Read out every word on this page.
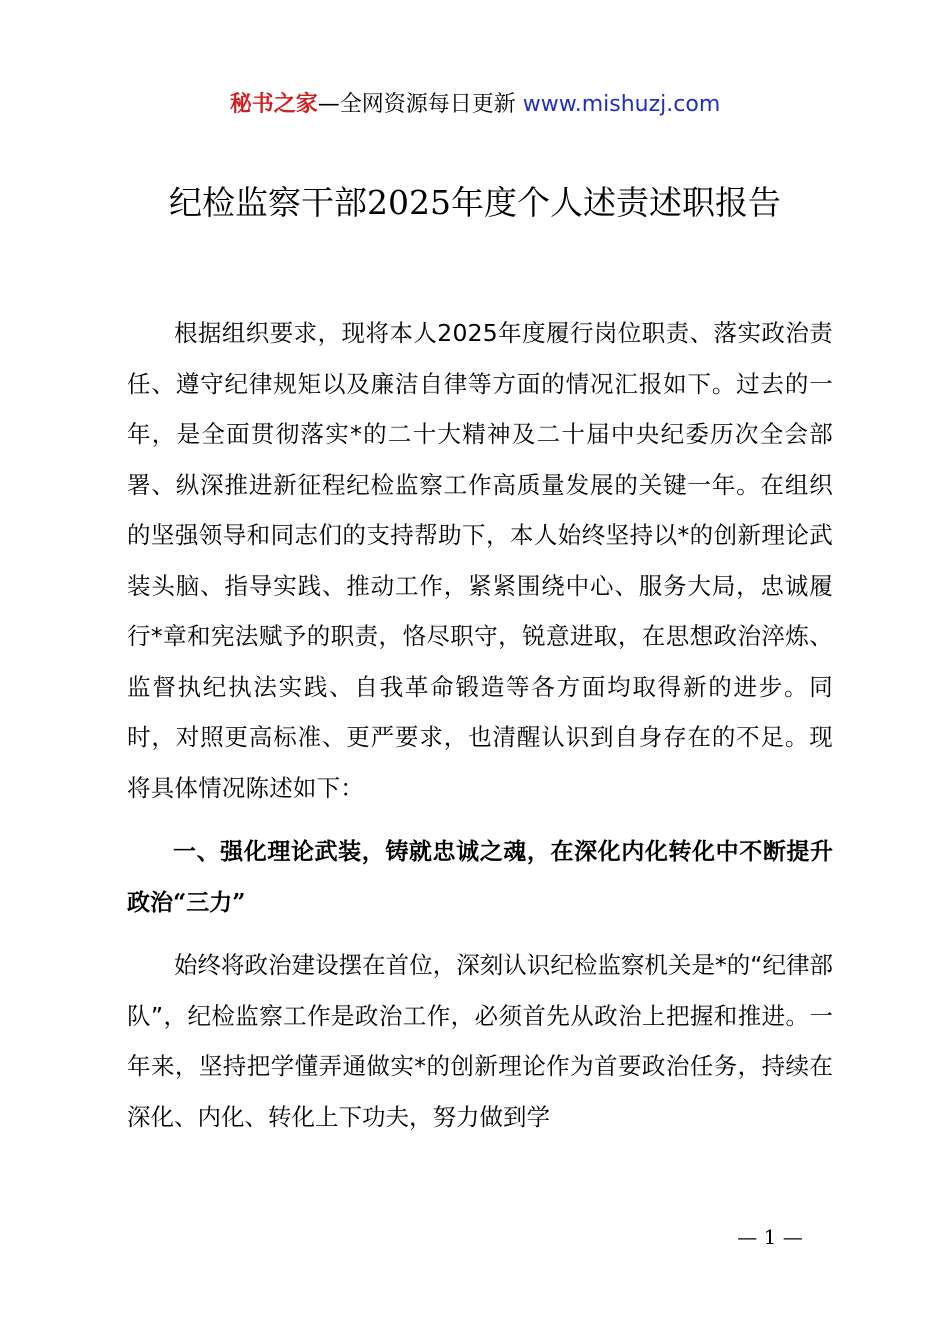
秘书之家—全网资源每日更新 www.mishuzj.com
纪检监察干部2025年度个人述责述职报告

根据组织要求，现将本人2025年度履行岗位职责、落实政治责任、遵守纪律规矩以及廉洁自律等方面的情况汇报如下。过去的一年，是全面贯彻落实*的二十大精神及二十届中央纪委历次全会部署、纵深推进新征程纪检监察工作高质量发展的关键一年。在组织的坚强领导和同志们的支持帮助下，本人始终坚持以*的创新理论武装头脑、指导实践、推动工作，紧紧围绕中心、服务大局，忠诚履行*章和宪法赋予的职责，恪尽职守，锐意进取，在思想政治淬炼、监督执纪执法实践、自我革命锻造等各方面均取得新的进步。同时，对照更高标准、更严要求，也清醒认识到自身存在的不足。现将具体情况陈述如下：

一、强化理论武装，铸就忠诚之魂，在深化内化转化中不断提升政治“三力”

始终将政治建设摆在首位，深刻认识纪检监察机关是*的“纪律部队”，纪检监察工作是政治工作，必须首先从政治上把握和推进。一年来，坚持把学懂弄通做实*的创新理论作为首要政治任务，持续在深化、内化、转化上下功夫，努力做到学

— 1 —
